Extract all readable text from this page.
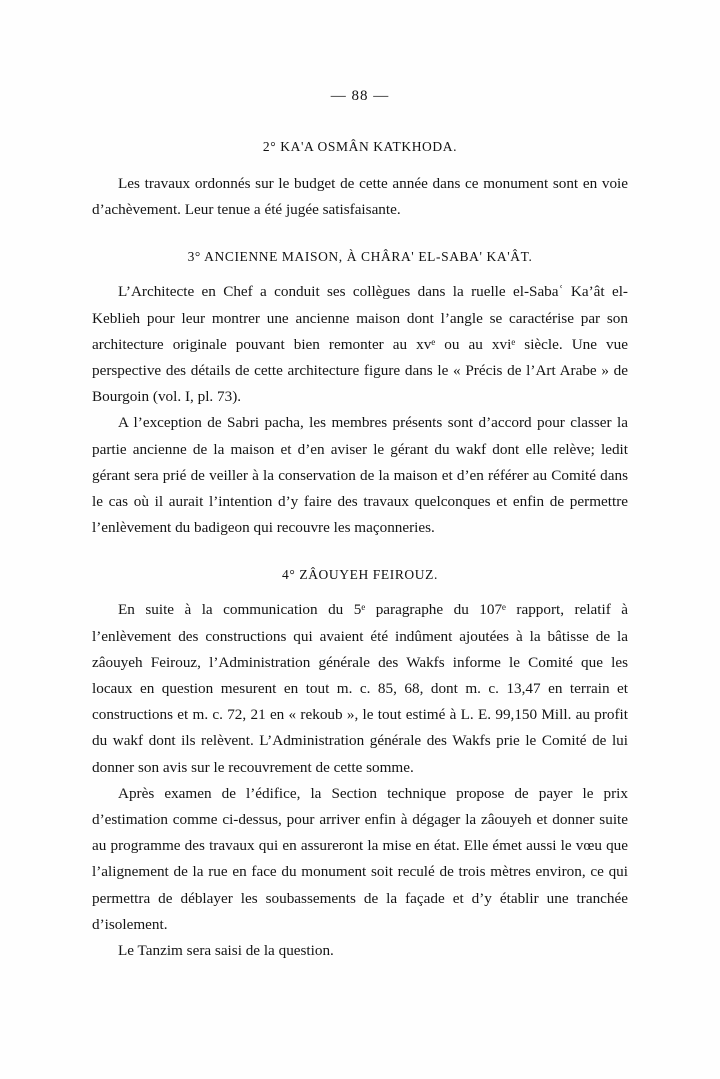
— 88 —
2° KA'A OSMÂN KATKHODA.

Les travaux ordonnés sur le budget de cette année dans ce monument sont en voie d’achèvement. Leur tenue a été jugée satisfaisante.

3° ANCIENNE MAISON, À CHÂRA' EL-SABA' KA'ÂT.

L’Architecte en Chef a conduit ses collègues dans la ruelle el-Sabaʿ Ka’ât el-Keblieh pour leur montrer une ancienne maison dont l’angle se caractérise par son architecture originale pouvant bien remonter au xvᵉ ou au xviᵉ siècle. Une vue perspective des détails de cette architecture figure dans le « Précis de l’Art Arabe » de Bourgoin (vol. I, pl. 73).

A l’exception de Sabri pacha, les membres présents sont d’accord pour classer la partie ancienne de la maison et d’en aviser le gérant du wakf dont elle relève; ledit gérant sera prié de veiller à la conservation de la maison et d’en référer au Comité dans le cas où il aurait l’intention d’y faire des travaux quelconques et enfin de permettre l’enlèvement du badigeon qui recouvre les maçonneries.

4° ZÂOUYEH FEIROUZ.

En suite à la communication du 5ᵉ paragraphe du 107ᵉ rapport, relatif à l’enlèvement des constructions qui avaient été indûment ajoutées à la bâtisse de la zâouyeh Feirouz, l’Administration générale des Wakfs informe le Comité que les locaux en question mesurent en tout m. c. 85, 68, dont m. c. 13,47 en terrain et constructions et m. c. 72, 21 en « rekoub », le tout estimé à L. E. 99,150 Mill. au profit du wakf dont ils relèvent. L’Administration générale des Wakfs prie le Comité de lui donner son avis sur le recouvrement de cette somme.

Après examen de l’édifice, la Section technique propose de payer le prix d’estimation comme ci-dessus, pour arriver enfin à dégager la zâouyeh et donner suite au programme des travaux qui en assureront la mise en état. Elle émet aussi le vœu que l’alignement de la rue en face du monument soit reculé de trois mètres environ, ce qui permettra de déblayer les soubassements de la façade et d’y établir une tranchée d’isolement.

Le Tanzim sera saisi de la question.
